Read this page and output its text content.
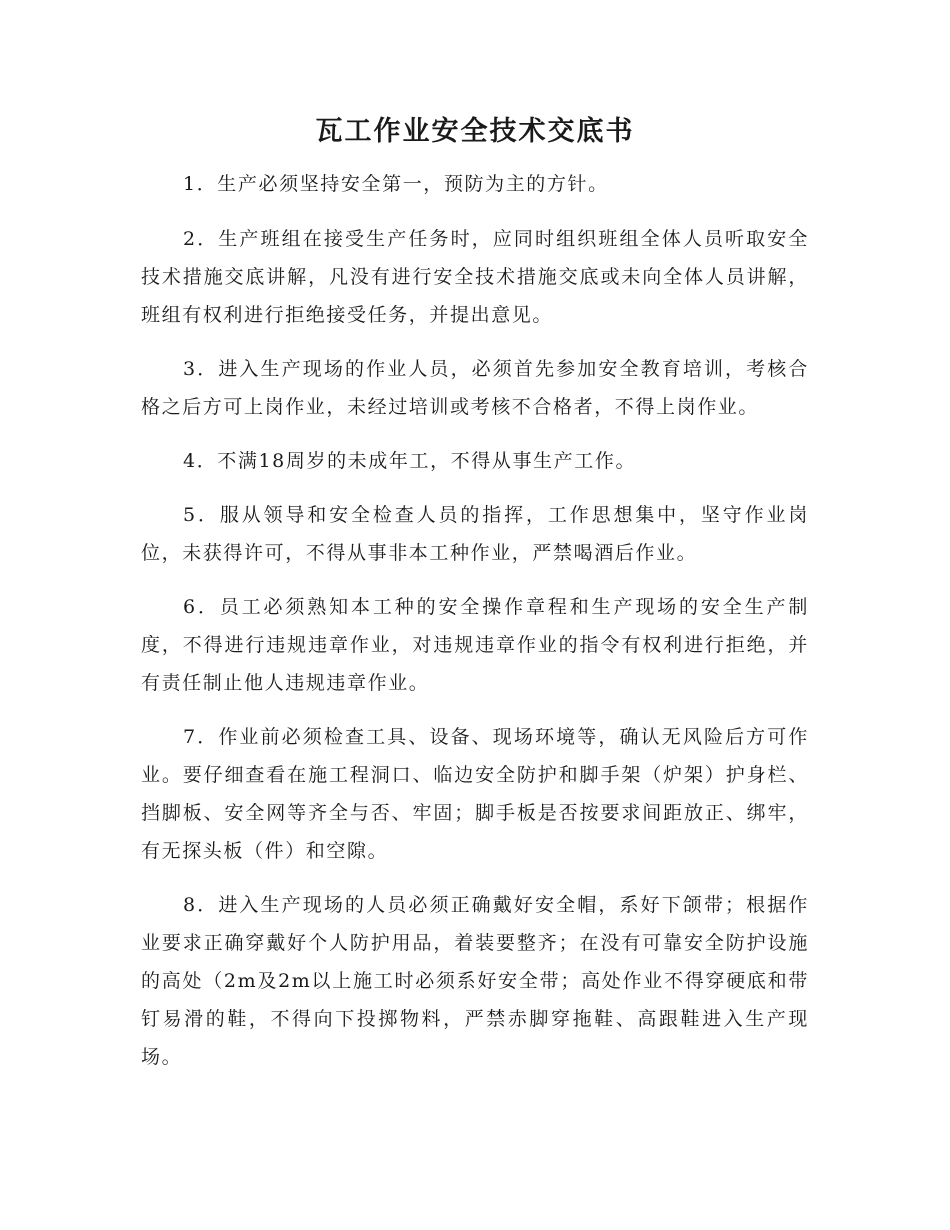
瓦工作业安全技术交底书

1．生产必须坚持安全第一，预防为主的方针。

2．生产班组在接受生产任务时，应同时组织班组全体人员听取安全技术措施交底讲解，凡没有进行安全技术措施交底或未向全体人员讲解，班组有权利进行拒绝接受任务，并提出意见。

3．进入生产现场的作业人员，必须首先参加安全教育培训，考核合格之后方可上岗作业，未经过培训或考核不合格者，不得上岗作业。

4．不满18周岁的未成年工，不得从事生产工作。

5．服从领导和安全检查人员的指挥，工作思想集中，坚守作业岗位，未获得许可，不得从事非本工种作业，严禁喝酒后作业。

6．员工必须熟知本工种的安全操作章程和生产现场的安全生产制度，不得进行违规违章作业，对违规违章作业的指令有权利进行拒绝，并有责任制止他人违规违章作业。

7．作业前必须检查工具、设备、现场环境等，确认无风险后方可作业。要仔细查看在施工程洞口、临边安全防护和脚手架（炉架）护身栏、挡脚板、安全网等齐全与否、牢固；脚手板是否按要求间距放正、绑牢，有无探头板（件）和空隙。

8．进入生产现场的人员必须正确戴好安全帽，系好下颌带；根据作业要求正确穿戴好个人防护用品，着装要整齐；在没有可靠安全防护设施的高处（2m及2m以上施工时必须系好安全带；高处作业不得穿硬底和带钉易滑的鞋，不得向下投掷物料，严禁赤脚穿拖鞋、高跟鞋进入生产现场。
